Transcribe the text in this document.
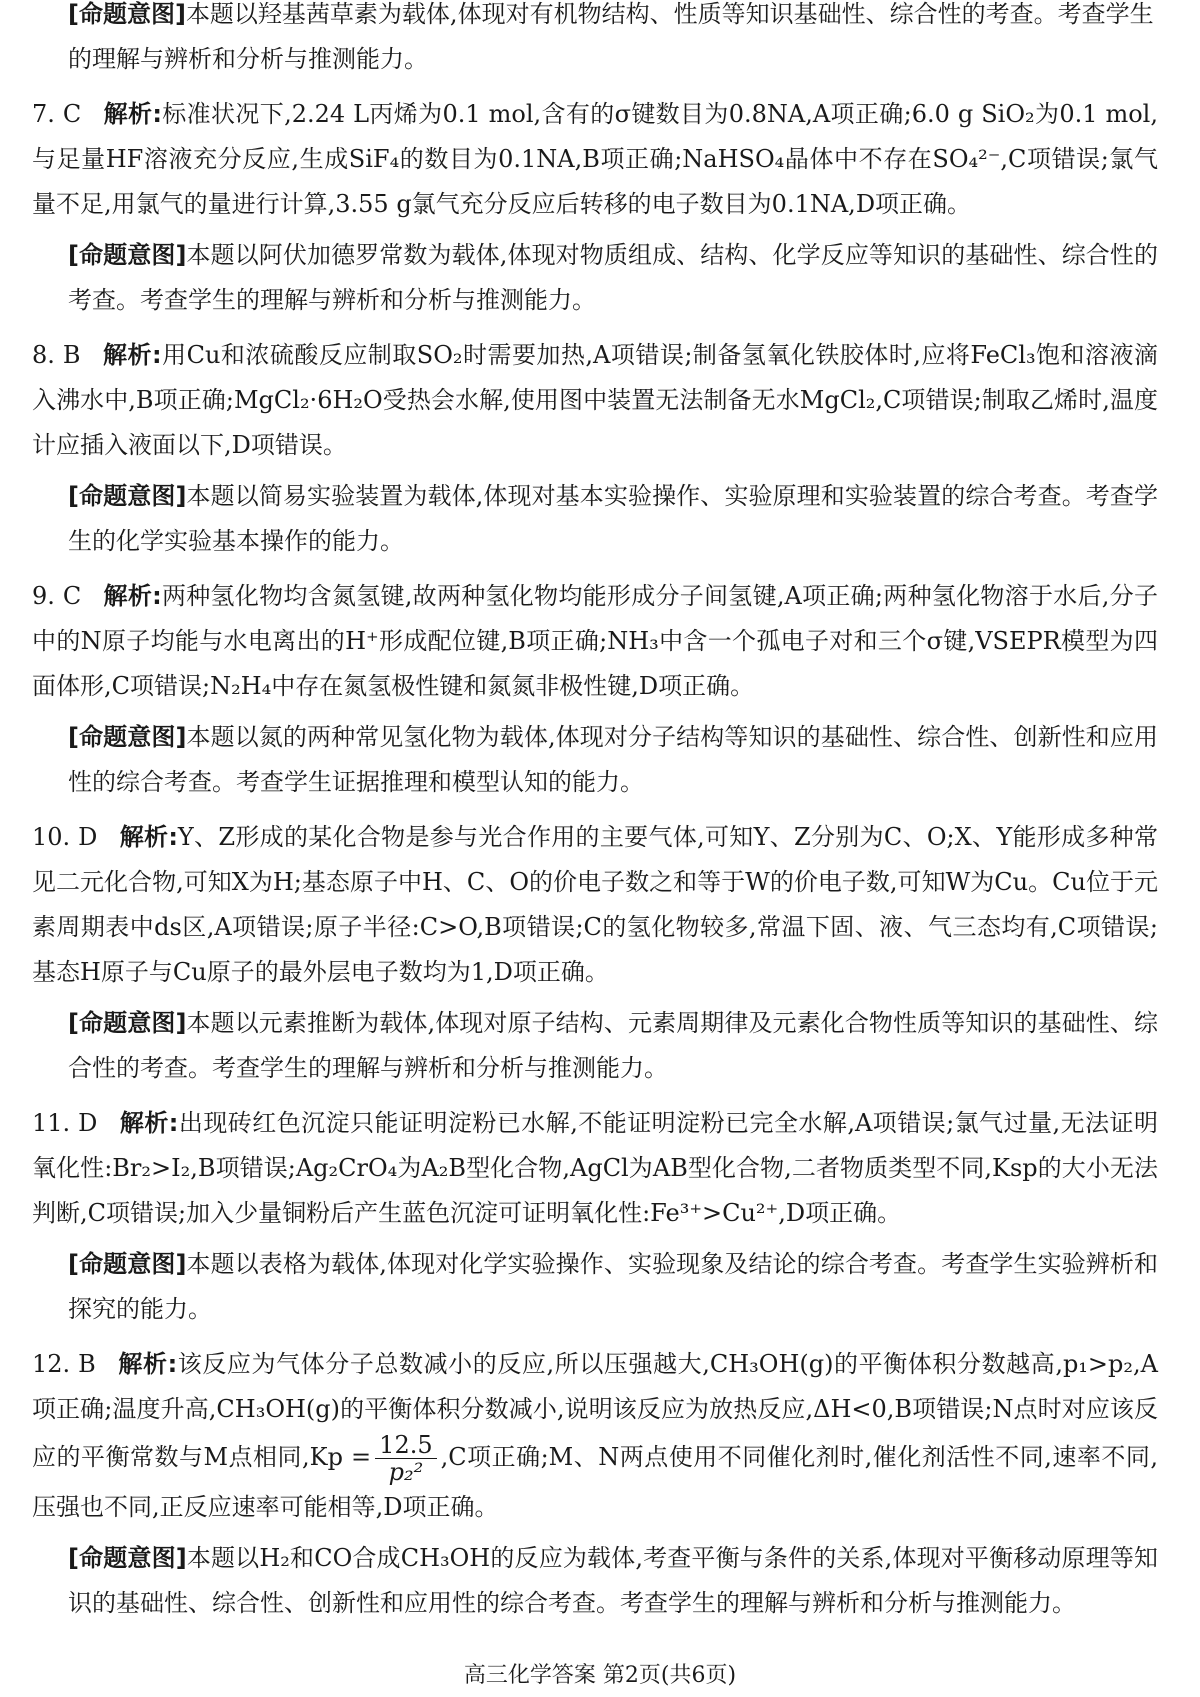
[命题意图]本题以羟基茜草素为载体,体现对有机物结构、性质等知识基础性、综合性的考查。考查学生
的理解与辨析和分析与推测能力。

7. C 解析:标准状况下,2.24 L丙烯为0.1 mol,含有的σ键数目为0.8NA,A项正确;6.0 g SiO₂为0.1 mol,与足量HF溶液充分反应,生成SiF₄的数目为0.1NA,B项正确;NaHSO₄晶体中不存在SO₄²⁻,C项错误;氯气量不足,用氯气的量进行计算,3.55 g氯气充分反应后转移的电子数目为0.1NA,D项正确。

[命题意图]本题以阿伏加德罗常数为载体,体现对物质组成、结构、化学反应等知识的基础性、综合性的考查。考查学生的理解与辨析和分析与推测能力。

8. B 解析:用Cu和浓硫酸反应制取SO₂时需要加热,A项错误;制备氢氧化铁胶体时,应将FeCl₃饱和溶液滴入沸水中,B项正确;MgCl₂·6H₂O受热会水解,使用图中装置无法制备无水MgCl₂,C项错误;制取乙烯时,温度计应插入液面以下,D项错误。

[命题意图]本题以简易实验装置为载体,体现对基本实验操作、实验原理和实验装置的综合考查。考查学生的化学实验基本操作的能力。

9. C 解析:两种氢化物均含氮氢键,故两种氢化物均能形成分子间氢键,A项正确;两种氢化物溶于水后,分子中的N原子均能与水电离出的H⁺形成配位键,B项正确;NH₃中含一个孤电子对和三个σ键,VSEPR模型为四面体形,C项错误;N₂H₄中存在氮氢极性键和氮氮非极性键,D项正确。

[命题意图]本题以氮的两种常见氢化物为载体,体现对分子结构等知识的基础性、综合性、创新性和应用性的综合考查。考查学生证据推理和模型认知的能力。

10. D 解析:Y、Z形成的某化合物是参与光合作用的主要气体,可知Y、Z分别为C、O;X、Y能形成多种常见二元化合物,可知X为H;基态原子中H、C、O的价电子数之和等于W的价电子数,可知W为Cu。Cu位于元素周期表中ds区,A项错误;原子半径:C>O,B项错误;C的氢化物较多,常温下固、液、气三态均有,C项错误;基态H原子与Cu原子的最外层电子数均为1,D项正确。

[命题意图]本题以元素推断为载体,体现对原子结构、元素周期律及元素化合物性质等知识的基础性、综合性的考查。考查学生的理解与辨析和分析与推测能力。

11. D 解析:出现砖红色沉淀只能证明淀粉已水解,不能证明淀粉已完全水解,A项错误;氯气过量,无法证明氧化性:Br₂>I₂,B项错误;Ag₂CrO₄为A₂B型化合物,AgCl为AB型化合物,二者物质类型不同,Ksp的大小无法判断,C项错误;加入少量铜粉后产生蓝色沉淀可证明氧化性:Fe³⁺>Cu²⁺,D项正确。

[命题意图]本题以表格为载体,体现对化学实验操作、实验现象及结论的综合考查。考查学生实验辨析和探究的能力。

12. B 解析:该反应为气体分子总数减小的反应,所以压强越大,CH₃OH(g)的平衡体积分数越高,p₁>p₂,A项正确;温度升高,CH₃OH(g)的平衡体积分数减小,说明该反应为放热反应,ΔH<0,B项错误;N点时对应该反应的平衡常数与M点相同$,Kp = \frac{12.5}{\text{p₂²}} ,C$项正确;M、N两点使用不同催化剂时,催化剂活性不同,速率不同,压强也不同,正反应速率可能相等,D项正确。

[命题意图]本题以H₂和CO合成CH₃OH的反应为载体,考查平衡与条件的关系,体现对平衡移动原理等知识的基础性、综合性、创新性和应用性的综合考查。考查学生的理解与辨析和分析与推测能力。

高三化学答案 第2页(共6页)
